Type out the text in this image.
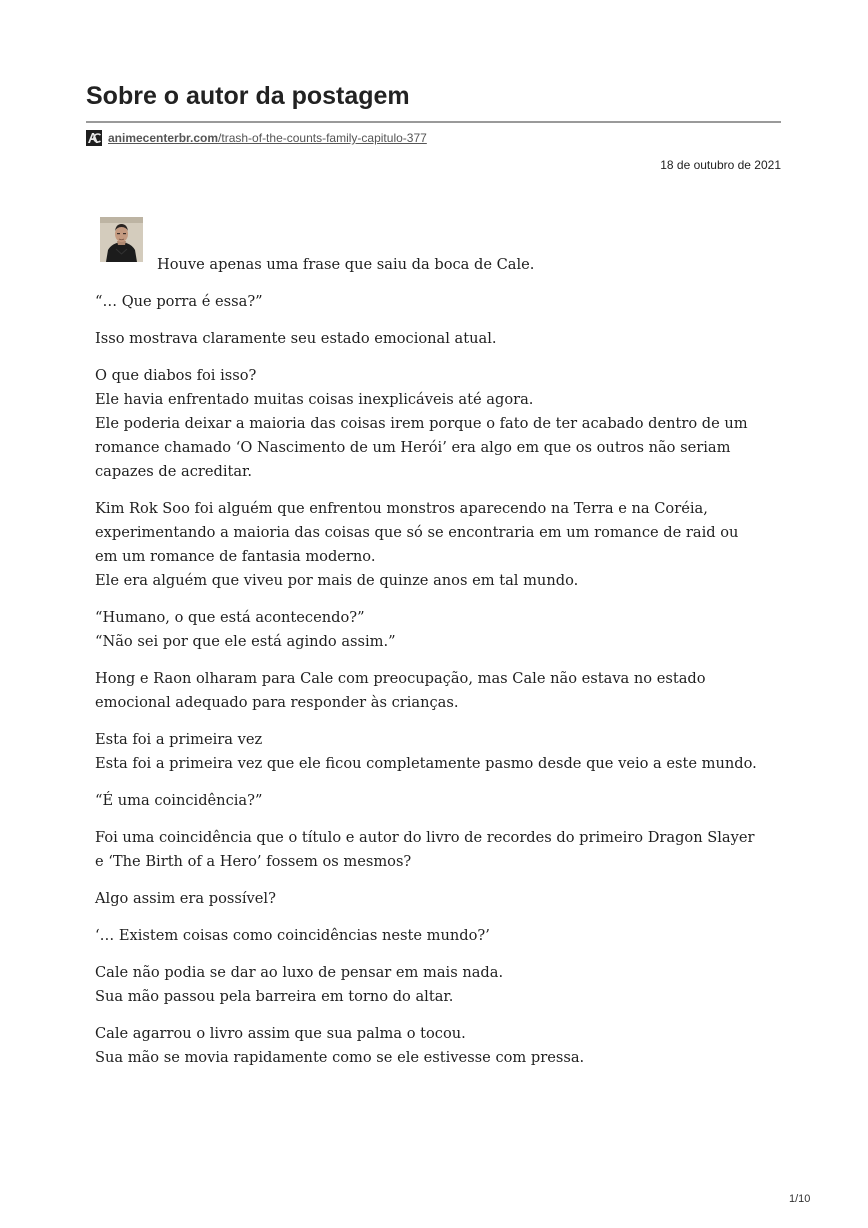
Sobre o autor da postagem
animecenterbr.com/trash-of-the-counts-family-capitulo-377
18 de outubro de 2021

Houve apenas uma frase que saiu da boca de Cale.

“… Que porra é essa?”

Isso mostrava claramente seu estado emocional atual.

O que diabos foi isso?
Ele havia enfrentado muitas coisas inexplicáveis até agora.
Ele poderia deixar a maioria das coisas irem porque o fato de ter acabado dentro de um
romance chamado ‘O Nascimento de um Herói’ era algo em que os outros não seriam
capazes de acreditar.

Kim Rok Soo foi alguém que enfrentou monstros aparecendo na Terra e na Coréia,
experimentando a maioria das coisas que só se encontraria em um romance de raid ou
em um romance de fantasia moderno.
Ele era alguém que viveu por mais de quinze anos em tal mundo.

“Humano, o que está acontecendo?”
“Não sei por que ele está agindo assim.”

Hong e Raon olharam para Cale com preocupação, mas Cale não estava no estado
emocional adequado para responder às crianças.

Esta foi a primeira vez
Esta foi a primeira vez que ele ficou completamente pasmo desde que veio a este mundo.

“É uma coincidência?”

Foi uma coincidência que o título e autor do livro de recordes do primeiro Dragon Slayer
e ‘The Birth of a Hero’ fossem os mesmos?

Algo assim era possível?

‘… Existem coisas como coincidências neste mundo?’

Cale não podia se dar ao luxo de pensar em mais nada.
Sua mão passou pela barreira em torno do altar.

Cale agarrou o livro assim que sua palma o tocou.
Sua mão se movia rapidamente como se ele estivesse com pressa.

1/10
